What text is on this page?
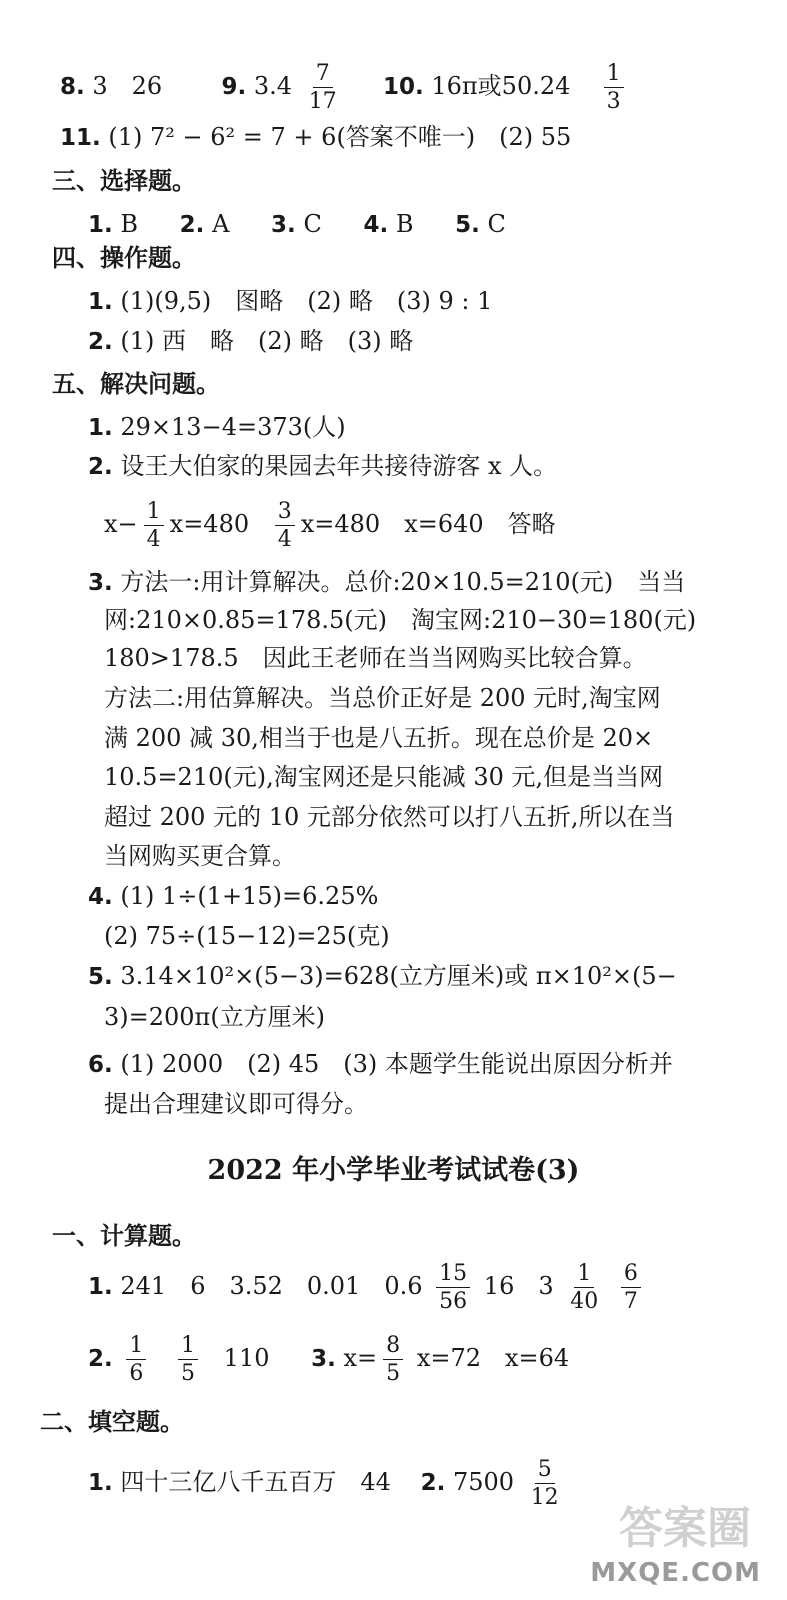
8. 3　26	9. $3.4 \frac{7}{17} 10$. 16π或$50.24 \frac{1}{3}$
11. (1) 7² − 6² = 7 + 6(答案不唯一)　(2) 55
三、选择题。
1. B 2. A 3. C 4. B 5. C
四、操作题。
1. (1)(9,5)　图略　(2) 略　(3) 9 : 1
2. (1) 西　略　(2) 略　(3) 略
五、解决问题。
1. 29×13−4=373(人)
2. 设王大伯家的果园去年共接待游客 x 人。
$x- \frac{1}{4} x=480 \frac{3}{4} x=480$　x=640　答略
3. 方法一:用计算解决。总价:20×10.5=210(元)　当当
网:210×0.85=178.5(元)　淘宝网:210−30=180(元)
180>178.5　因此王老师在当当网购买比较合算。
方法二:用估算解决。当总价正好是 200 元时,淘宝网
满 200 减 30,相当于也是八五折。现在总价是 20×
10.5=210(元),淘宝网还是只能减 30 元,但是当当网
超过 200 元的 10 元部分依然可以打八五折,所以在当
当网购买更合算。
4. (1) 1÷(1+15)=6.25%
(2) 75÷(15−12)=25(克)
5. 3.14×10²×(5−3)=628(立方厘米)或 π×10²×(5−
3)=200π(立方厘米)
6. (1) 2000　(2) 45　(3) 本题学生能说出原因分析并
提出合理建议即可得分。
2022 年小学毕业考试试卷(3)
一、计算题。
1. 241　6　3.52　0.01　$0.6 \frac{15}{56} 16$　$3 \frac{1}{40}$
$\frac{6}{7}$
2. $\frac{1}{6}$
$\frac{1}{5} 110$ 3. $x= \frac{8}{5} x=72$　x=64
二、填空题。
1. 四十三亿八千五百万　44 2. $7500 \frac{5}{12}$
答案圈
MXQE.COM
